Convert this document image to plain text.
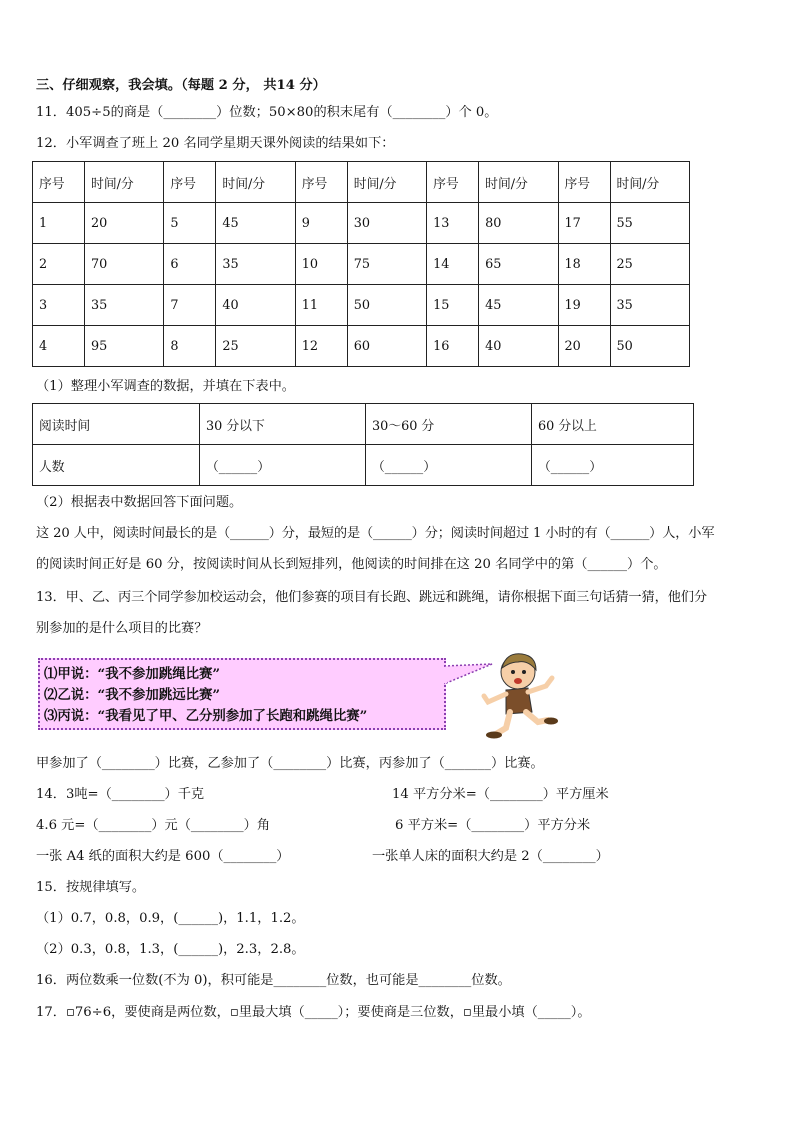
三、仔细观察，我会填。（每题 2 分， 共14 分）
11．405÷5的商是（________）位数；50×80的积末尾有（________）个 0。
12．小军调查了班上 20 名同学星期天课外阅读的结果如下：
序号	时间/分	序号	时间/分	序号	时间/分	序号	时间/分	序号	时间/分
1	20	5	45	9	30	13	80	17	55
2	70	6	35	10	75	14	65	18	25
3	35	7	40	11	50	15	45	19	35
4	95	8	25	12	60	16	40	20	50
（1）整理小军调查的数据，并填在下表中。
阅读时间	30 分以下	30～60 分	60 分以上
人数	（______）	（______）	（______）
（2）根据表中数据回答下面问题。
这 20 人中，阅读时间最长的是（______）分，最短的是（______）分；阅读时间超过 1 小时的有（______）人，小军
的阅读时间正好是 60 分，按阅读时间从长到短排列，他阅读的时间排在这 20 名同学中的第（______）个。
13．甲、乙、丙三个同学参加校运动会，他们参赛的项目有长跑、跳远和跳绳，请你根据下面三句话猜一猜，他们分
别参加的是什么项目的比赛？
⑴甲说：“我不参加跳绳比赛”
⑵乙说：“我不参加跳远比赛”
⑶丙说：“我看见了甲、乙分别参加了长跑和跳绳比赛”
甲参加了（________）比赛，乙参加了（________）比赛，丙参加了（_______）比赛。
14．3吨=（________）千克	14 平方分米=（________）平方厘米
4.6 元=（________）元（________）角	6 平方米=（________）平方分米
一张 A4 纸的面积大约是 600（________）	一张单人床的面积大约是 2（________）
15．按规律填写。
（1）0.7，0.8，0.9，(______)，1.1，1.2。
（2）0.3，0.8，1.3，(______)，2.3，2.8。
16．两位数乘一位数(不为 0)，积可能是________位数，也可能是________位数。
17．▫76÷6，要使商是两位数，▫里最大填（_____）；要使商是三位数，▫里最小填（_____）。
